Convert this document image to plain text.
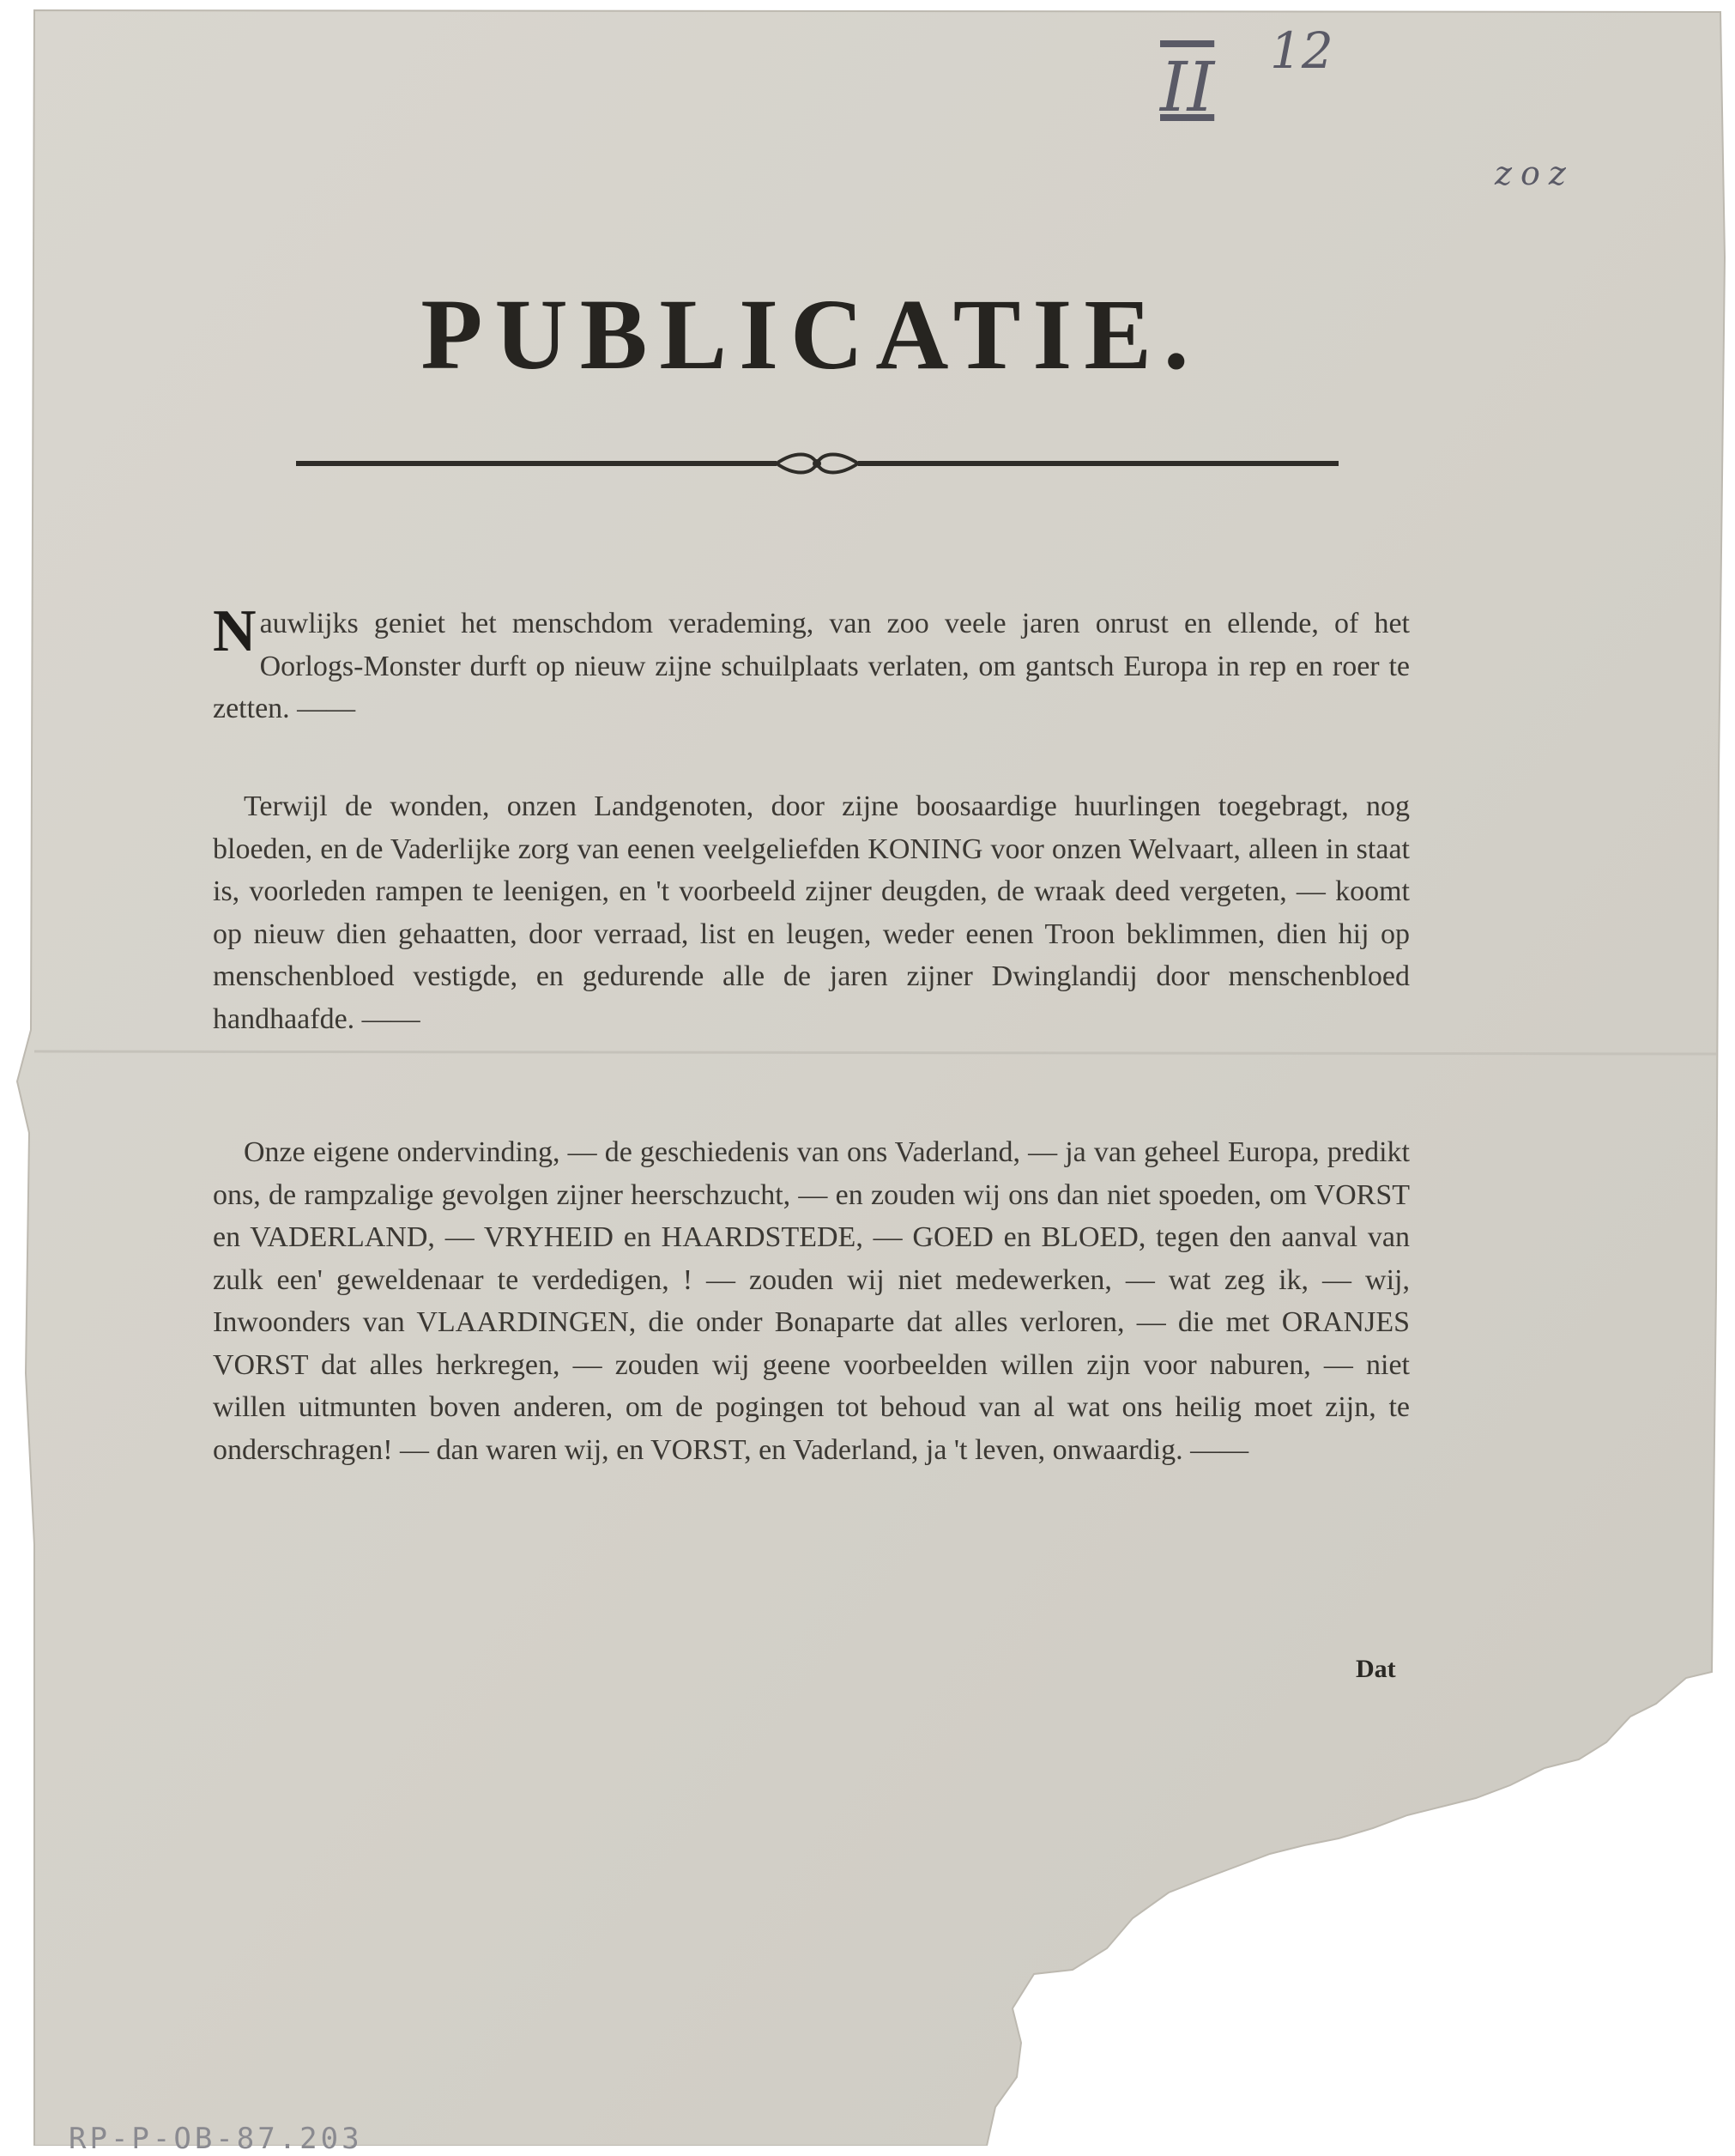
II 12
zoz
PUBLICATIE.

Nauwlijks geniet het menschdom verademing, van zoo veele jaren onrust en ellende, of het Oorlogs-Monster durft op nieuw zijne schuilplaats verlaten, om gantsch Europa in rep en roer te zetten. ——

Terwijl de wonden, onzen Landgenoten, door zijne boosaardige huurlingen toegebragt, nog bloeden, en de Vaderlijke zorg van eenen veelgeliefden KONING voor onzen Welvaart, alleen in staat is, voorleden rampen te leenigen, en 't voorbeeld zijner deugden, de wraak deed vergeten, — koomt op nieuw dien gehaatten, door verraad, list en leugen, weder eenen Troon beklimmen, dien hij op menschenbloed vestigde, en gedurende alle de jaren zijner Dwinglandij door menschenbloed handhaafde. ——

Onze eigene ondervinding, — de geschiedenis van ons Vaderland, — ja van geheel Europa, predikt ons, de rampzalige gevolgen zijner heerschzucht, — en zouden wij ons dan niet spoeden, om VORST en VADERLAND, — VRYHEID en HAARDSTEDE, — GOED en BLOED, tegen den aanval van zulk een' geweldenaar te verdedigen, ! — zouden wij niet medewerken, — wat zeg ik, — wij, Inwoonders van VLAARDINGEN, die onder Bonaparte dat alles verloren, — die met ORANJES VORST dat alles herkregen, — zouden wij geene voorbeelden willen zijn voor naburen, — niet willen uitmunten boven anderen, om de pogingen tot behoud van al wat ons heilig moet zijn, te onderschragen! — dan waren wij, en VORST, en Vaderland, ja 't leven, onwaardig. ——

Dat
RP-P-OB-87.203
